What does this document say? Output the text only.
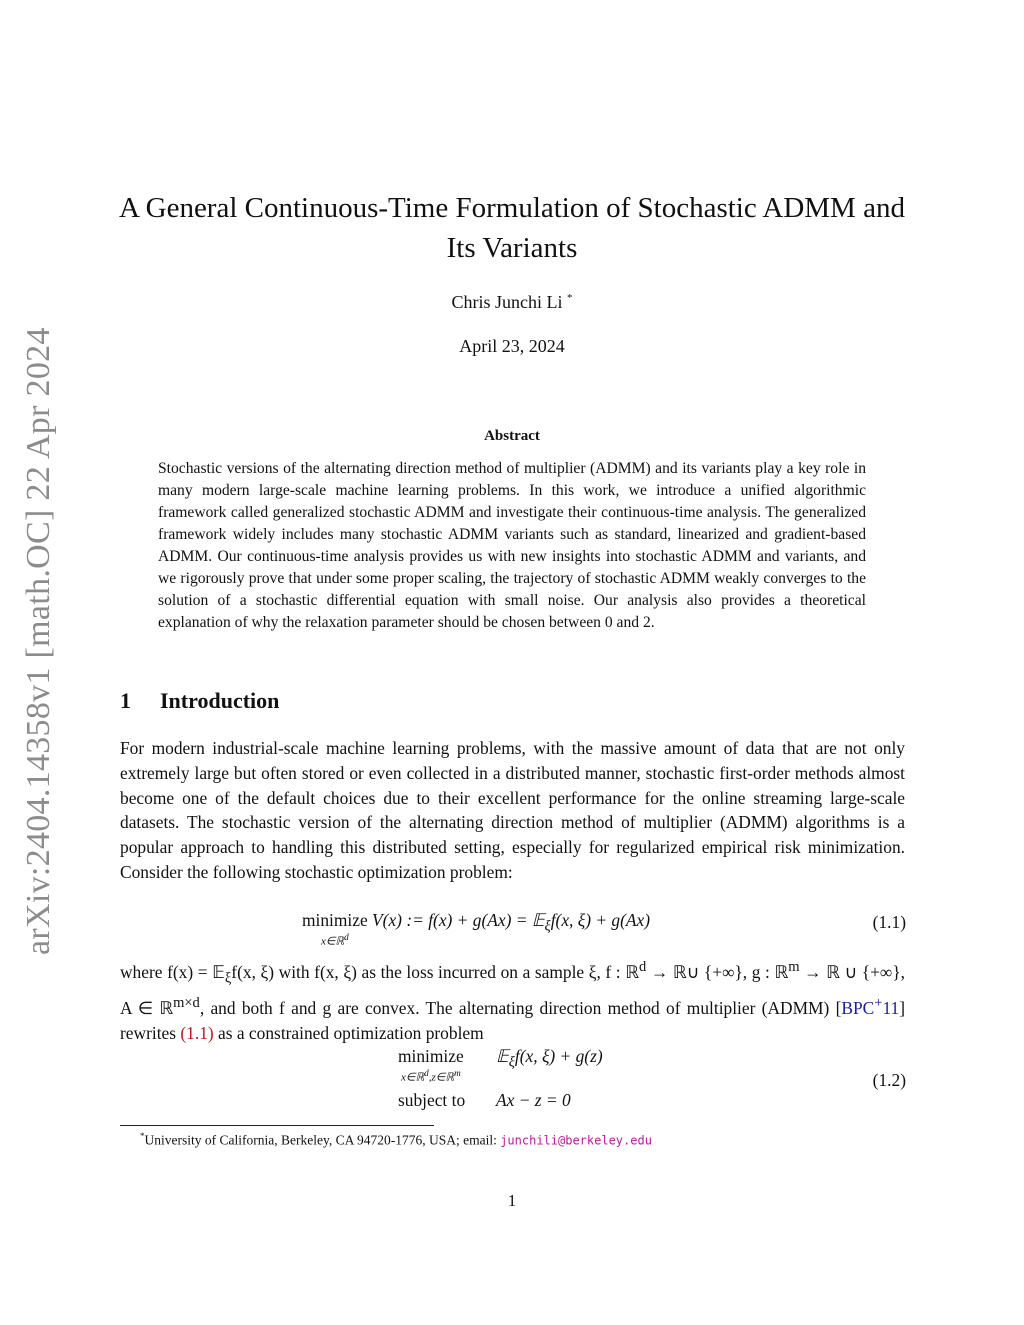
arXiv:2404.14358v1 [math.OC] 22 Apr 2024
A General Continuous-Time Formulation of Stochastic ADMM and Its Variants
Chris Junchi Li *
April 23, 2024
Abstract
Stochastic versions of the alternating direction method of multiplier (ADMM) and its variants play a key role in many modern large-scale machine learning problems. In this work, we introduce a unified algorithmic framework called generalized stochastic ADMM and investigate their continuous-time analysis. The generalized framework widely includes many stochastic ADMM variants such as standard, linearized and gradient-based ADMM. Our continuous-time analysis provides us with new insights into stochastic ADMM and variants, and we rigorously prove that under some proper scaling, the trajectory of stochastic ADMM weakly converges to the solution of a stochastic differential equation with small noise. Our analysis also provides a theoretical explanation of why the relaxation parameter should be chosen between 0 and 2.
1 Introduction
For modern industrial-scale machine learning problems, with the massive amount of data that are not only extremely large but often stored or even collected in a distributed manner, stochastic first-order methods almost become one of the default choices due to their excellent performance for the online streaming large-scale datasets. The stochastic version of the alternating direction method of multiplier (ADMM) algorithms is a popular approach to handling this distributed setting, especially for regularized empirical risk minimization. Consider the following stochastic optimization problem:
minimize
x∈ℝ$^d$
V(x) := f(x) + g(Ax) = 𝔼$_\xi$f(x, ξ) + g(Ax)	(1.1)
where f(x) = 𝔼$_\xi$f(x, ξ) with f(x, ξ) as the loss incurred on a sample ξ, f : ℝ$^d$ → ℝ∪ {+∞}, g : ℝ$^m$ → ℝ ∪ {+∞}, A ∈ ℝ$^{m\times d}$, and both f and g are convex. The alternating direction method of multiplier (ADMM) [BPC+11] rewrites (1.1) as a constrained optimization problem
minimize
x∈ℝ$^d$,z∈ℝ$^m$
𝔼$_\xi$f(x, ξ) + g(z)
subject to Ax − z = 0
(1.2)
*University of California, Berkeley, CA 94720-1776, USA; email: junchili@berkeley.edu
1
